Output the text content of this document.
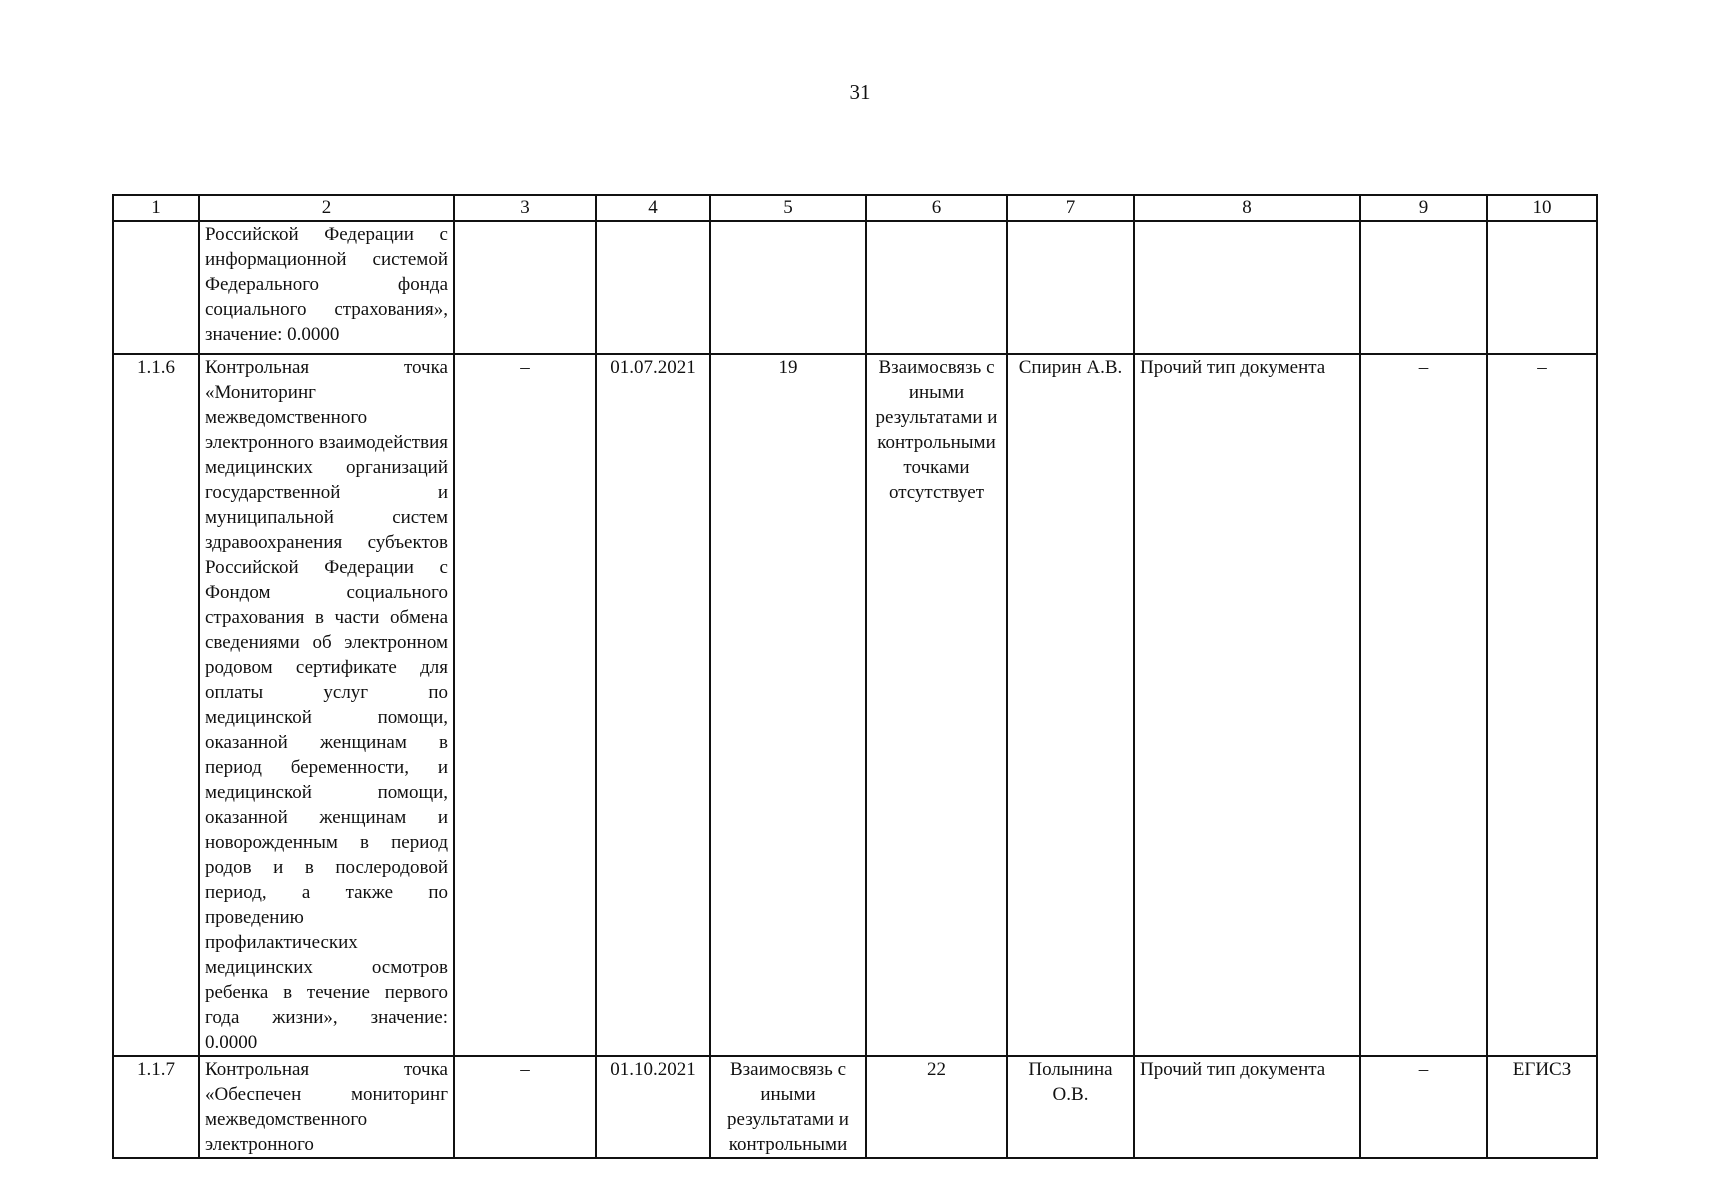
31
1	2	3	4	5	6	7	8	9	10
	Российской Федерации с информационной системой Федерального фонда социального страхования», значение: 0.0000								
1.1.6	Контрольная точка «Мониторинг межведомственного электронного взаимодействия медицинских организаций государственной и муниципальной систем здравоохранения субъектов Российской Федерации с Фондом социального страхования в части обмена сведениями об электронном родовом сертификате для оплаты услуг по медицинской помощи, оказанной женщинам в период беременности, и медицинской помощи, оказанной женщинам и новорожденным в период родов и в послеродовой период, а также по проведению профилактических медицинских осмотров ребенка в течение первого года жизни», значение: 0.0000	–	01.07.2021	19	Взаимосвязь с иными результатами и контрольными точками отсутствует	Спирин А.В.	Прочий тип документа	–	–
1.1.7	Контрольная точка «Обеспечен мониторинг межведомственного электронного	–	01.10.2021	Взаимосвязь с иными результатами и контрольными	22	Полынина О.В.	Прочий тип документа	–	ЕГИСЗ
